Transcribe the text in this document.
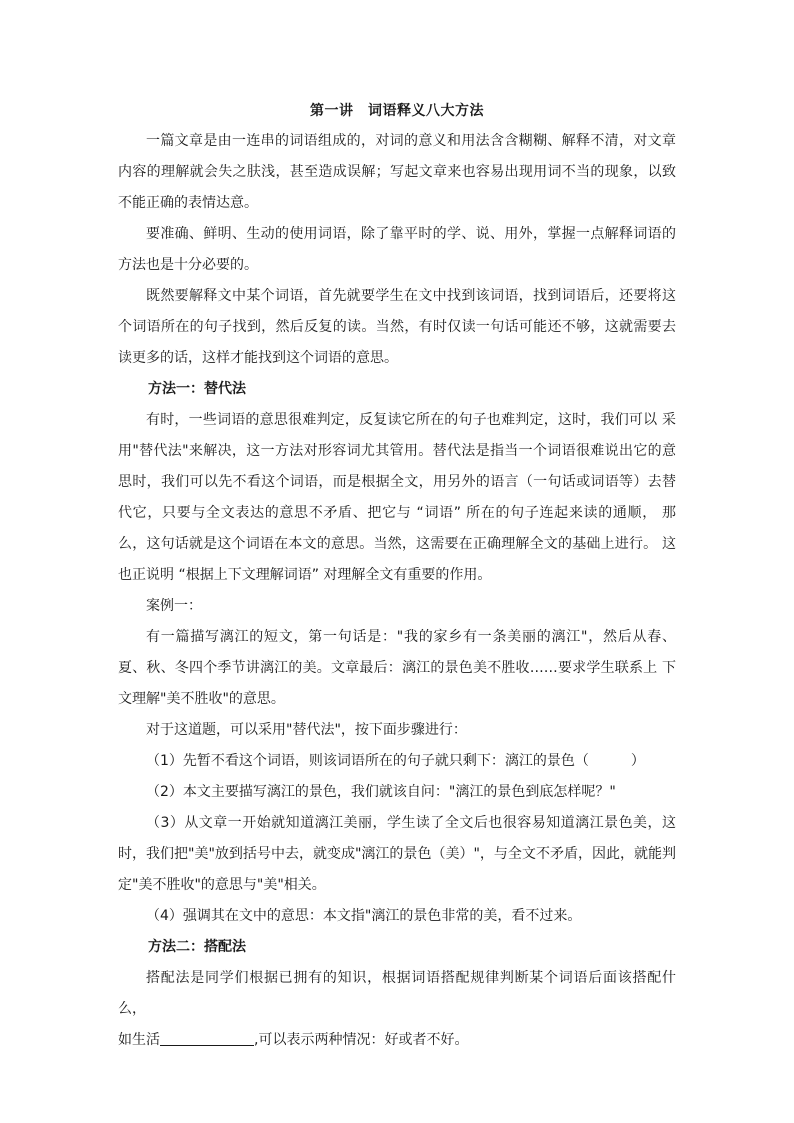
第一讲　词语释义八大方法

一篇文章是由一连串的词语组成的，对词的意义和用法含含糊糊、解释不清，对文章内容的理解就会失之肤浅，甚至造成误解；写起文章来也容易出现用词不当的现象，以致不能正确的表情达意。

要准确、鲜明、生动的使用词语，除了靠平时的学、说、用外，掌握一点解释词语的方法也是十分必要的。

既然要解释文中某个词语，首先就要学生在文中找到该词语，找到词语后，还要将这个词语所在的句子找到，然后反复的读。当然，有时仅读一句话可能还不够，这就需要去读更多的话，这样才能找到这个词语的意思。

方法一：替代法

有时，一些词语的意思很难判定，反复读它所在的句子也难判定，这时，我们可以 采用"替代法"来解决，这一方法对形容词尤其管用。替代法是指当一个词语很难说出它的意思时，我们可以先不看这个词语，而是根据全文，用另外的语言（一句话或词语等）去替代它，只要与全文表达的意思不矛盾、把它与 “词语” 所在的句子连起来读的通顺， 那么，这句话就是这个词语在本文的意思。当然，这需要在正确理解全文的基础上进行。 这也正说明 “根据上下文理解词语” 对理解全文有重要的作用。

案例一：

有一篇描写漓江的短文，第一句话是："我的家乡有一条美丽的漓江"，然后从春、 夏、秋、冬四个季节讲漓江的美。文章最后：漓江的景色美不胜收……要求学生联系上 下文理解"美不胜收"的意思。

对于这道题，可以采用"替代法"，按下面步骤进行：

（1）先暂不看这个词语，则该词语所在的句子就只剩下：漓江的景色（　　　）

（2）本文主要描写漓江的景色，我们就该自问："漓江的景色到底怎样呢？"

（3）从文章一开始就知道漓江美丽，学生读了全文后也很容易知道漓江景色美，这时，我们把"美"放到括号中去，就变成"漓江的景色（美）"，与全文不矛盾，因此，就能判定"美不胜收"的意思与"美"相关。

（4）强调其在文中的意思：本文指"漓江的景色非常的美，看不过来。

方法二：搭配法

搭配法是同学们根据已拥有的知识，根据词语搭配规律判断某个词语后面该搭配什么，

如生活	,可以表示两种情况：好或者不好。
